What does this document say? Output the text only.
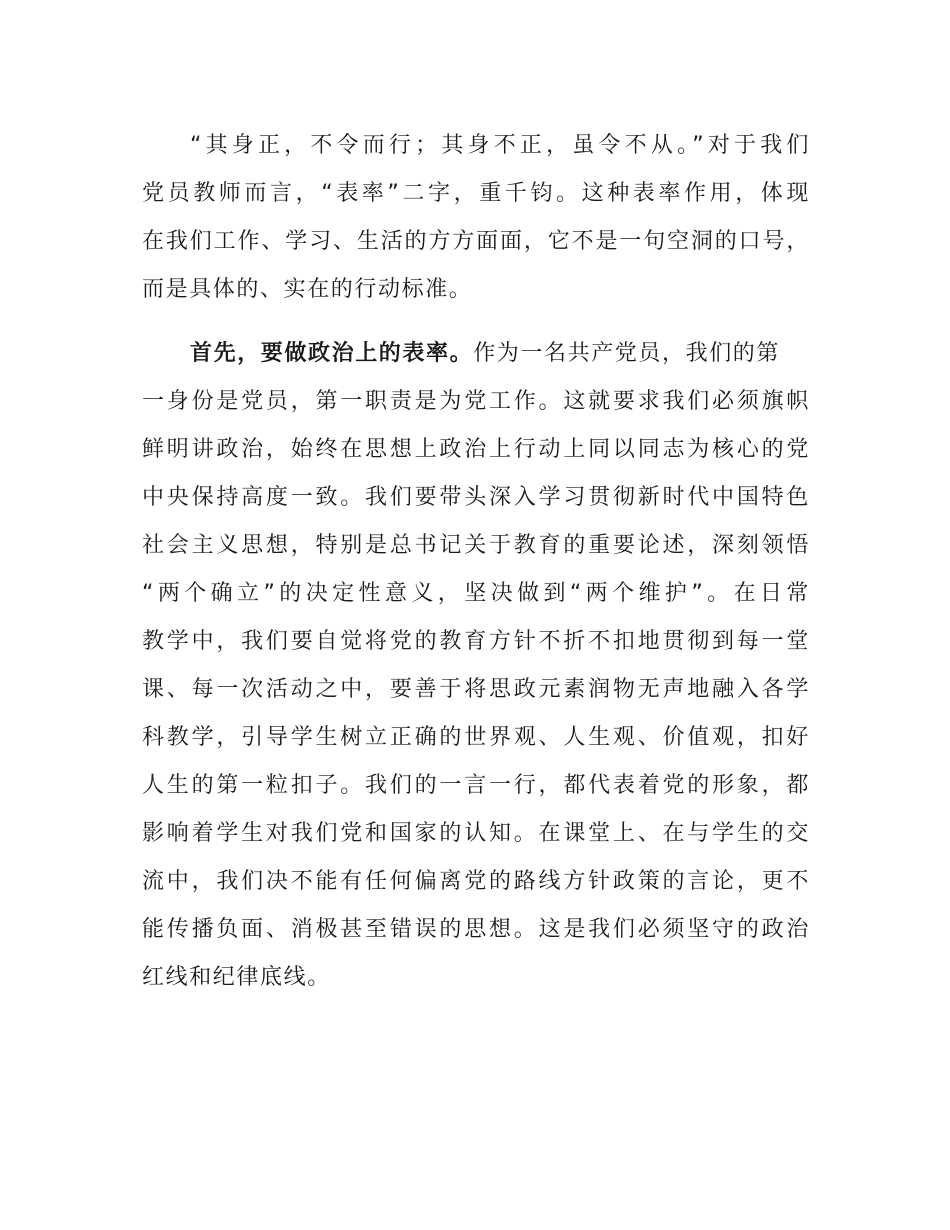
“其身正，不令而行；其身不正，虽令不从。”对于我们
党员教师而言，“表率”二字，重千钧。这种表率作用，体现
在我们工作、学习、生活的方方面面，它不是一句空洞的口号，
而是具体的、实在的行动标准。
首先，要做政治上的表率。作为一名共产党员，我们的第
一身份是党员，第一职责是为党工作。这就要求我们必须旗帜
鲜明讲政治，始终在思想上政治上行动上同以同志为核心的党
中央保持高度一致。我们要带头深入学习贯彻新时代中国特色
社会主义思想，特别是总书记关于教育的重要论述，深刻领悟
“两个确立”的决定性意义，坚决做到“两个维护”。在日常
教学中，我们要自觉将党的教育方针不折不扣地贯彻到每一堂
课、每一次活动之中，要善于将思政元素润物无声地融入各学
科教学，引导学生树立正确的世界观、人生观、价值观，扣好
人生的第一粒扣子。我们的一言一行，都代表着党的形象，都
影响着学生对我们党和国家的认知。在课堂上、在与学生的交
流中，我们决不能有任何偏离党的路线方针政策的言论，更不
能传播负面、消极甚至错误的思想。这是我们必须坚守的政治
红线和纪律底线。
